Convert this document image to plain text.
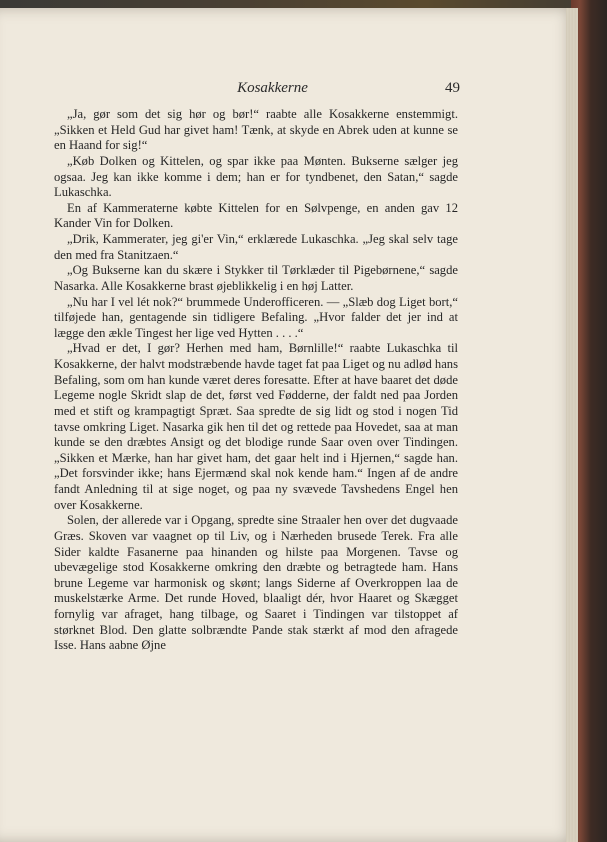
Kosakkerne	49

„Ja, gør som det sig hør og bør!“ raabte alle Kosakkerne enstemmigt. „Sikken et Held Gud har givet ham! Tænk, at skyde en Abrek uden at kunne se en Haand for sig!“

„Køb Dolken og Kittelen, og spar ikke paa Mønten. Bukserne sælger jeg ogsaa. Jeg kan ikke komme i dem; han er for tyndbenet, den Satan,“ sagde Lukaschka.

En af Kammeraterne købte Kittelen for en Sølvpenge, en anden gav 12 Kander Vin for Dolken.

„Drik, Kammerater, jeg gi'er Vin,“ erklærede Lukaschka. „Jeg skal selv tage den med fra Stanitzaen.“

„Og Bukserne kan du skære i Stykker til Tørklæder til Pigebørnene,“ sagde Nasarka. Alle Kosakkerne brast øjeblikkelig i en høj Latter.

„Nu har I vel lét nok?“ brummede Underofficeren. — „Slæb dog Liget bort,“ tilføjede han, gentagende sin tidligere Befaling. „Hvor falder det jer ind at lægge den ækle Tingest her lige ved Hytten . . . .“

„Hvad er det, I gør? Herhen med ham, Børnlille!“ raabte Lukaschka til Kosakkerne, der halvt modstræbende havde taget fat paa Liget og nu adlød hans Befaling, som om han kunde været deres foresatte. Efter at have baaret det døde Legeme nogle Skridt slap de det, først ved Fødderne, der faldt ned paa Jorden med et stift og krampagtigt Spræt. Saa spredte de sig lidt og stod i nogen Tid tavse omkring Liget. Nasarka gik hen til det og rettede paa Hovedet, saa at man kunde se den dræbtes Ansigt og det blodige runde Saar oven over Tindingen. „Sikken et Mærke, han har givet ham, det gaar helt ind i Hjernen,“ sagde han. „Det forsvinder ikke; hans Ejermænd skal nok kende ham.“ Ingen af de andre fandt Anledning til at sige noget, og paa ny svævede Tavshedens Engel hen over Kosakkerne.

Solen, der allerede var i Opgang, spredte sine Straaler hen over det dugvaade Græs. Skoven var vaagnet op til Liv, og i Nærheden brusede Terek. Fra alle Sider kaldte Fasanerne paa hinanden og hilste paa Morgenen. Tavse og ubevægelige stod Kosakkerne omkring den dræbte og betragtede ham. Hans brune Legeme var harmonisk og skønt; langs Siderne af Overkroppen laa de muskelstærke Arme. Det runde Hoved, blaaligt dér, hvor Haaret og Skægget fornylig var afraget, hang tilbage, og Saaret i Tindingen var tilstoppet af størknet Blod. Den glatte solbrændte Pande stak stærkt af mod den afragede Isse. Hans aabne Øjne
